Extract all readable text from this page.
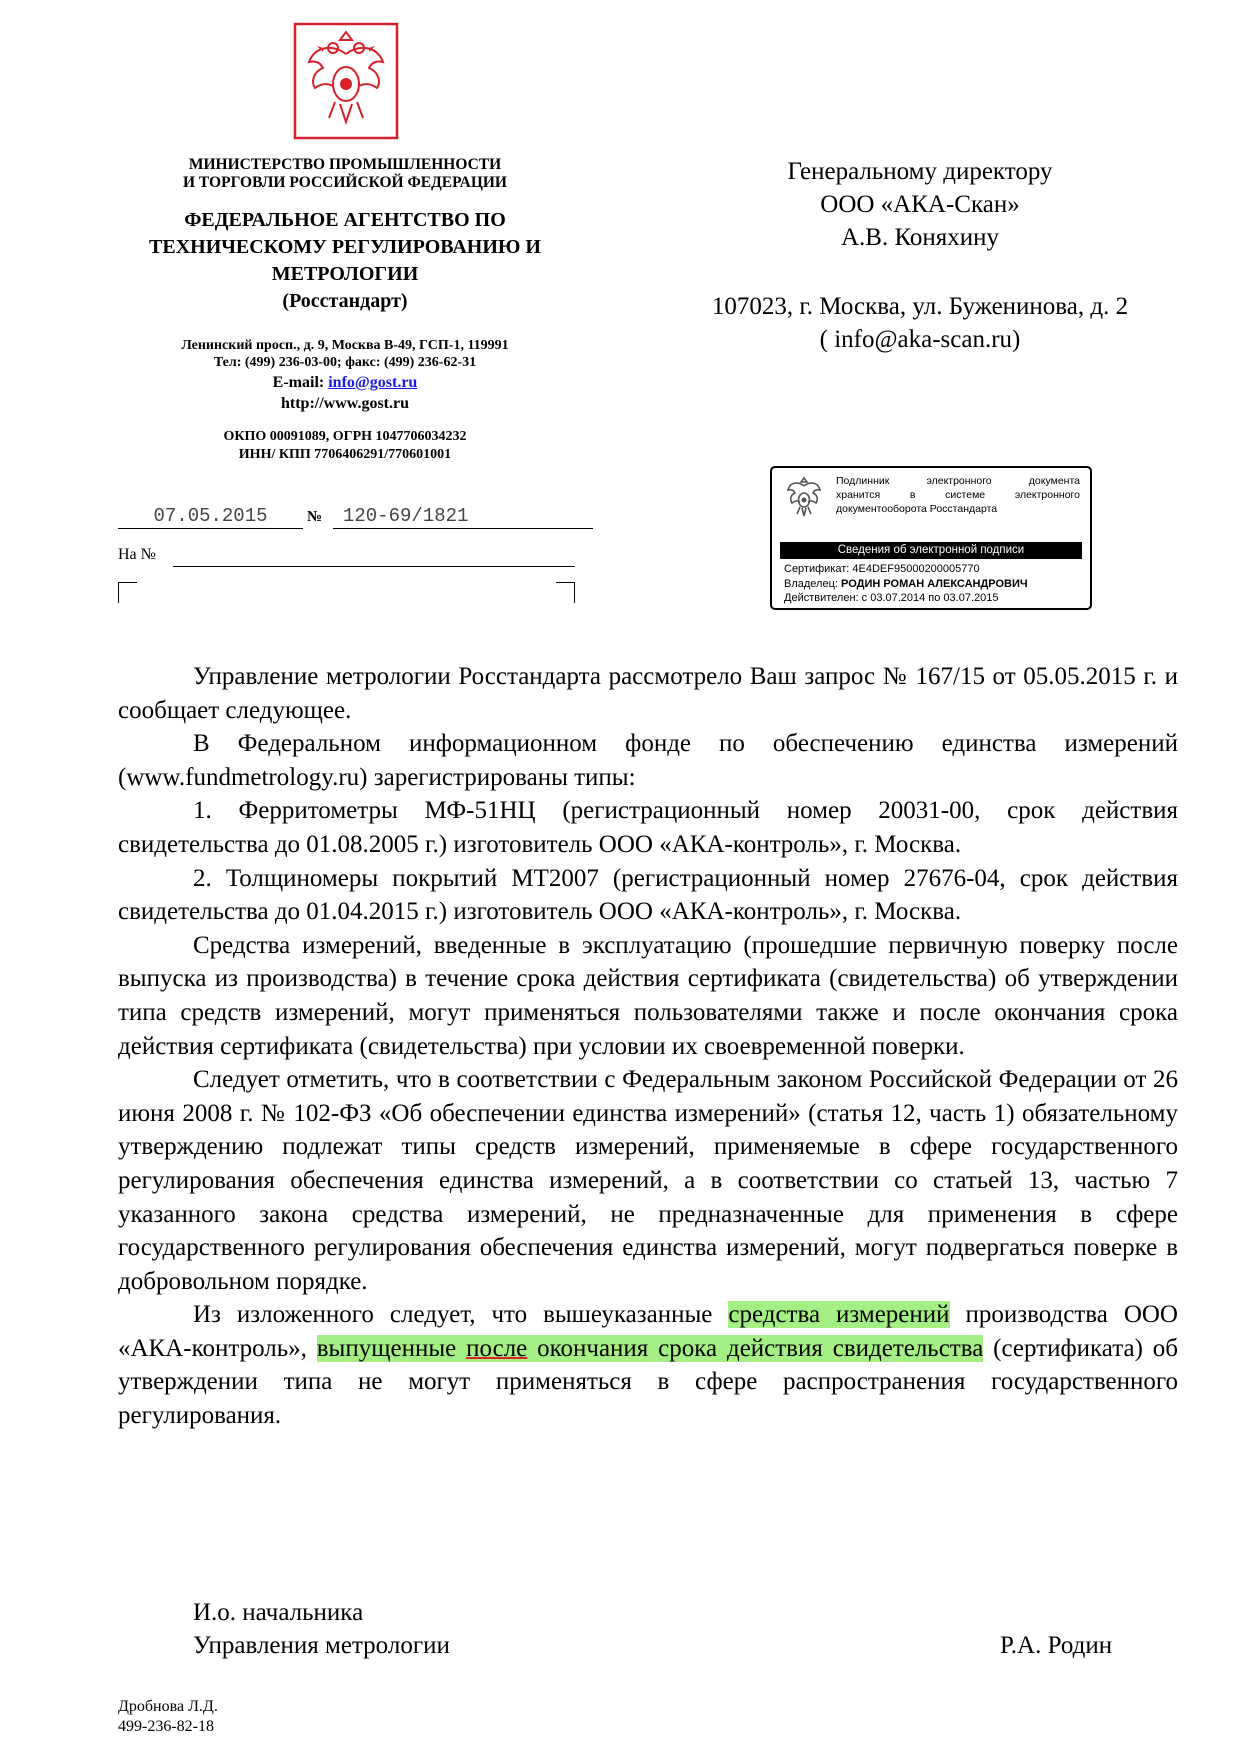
МИНИСТЕРСТВО ПРОМЫШЛЕННОСТИ
И ТОРГОВЛИ РОССИЙСКОЙ ФЕДЕРАЦИИ
ФЕДЕРАЛЬНОЕ АГЕНТСТВО ПО
ТЕХНИЧЕСКОМУ РЕГУЛИРОВАНИЮ И
МЕТРОЛОГИИ
(Росстандарт)
Ленинский просп., д. 9, Москва В-49, ГСП-1, 119991
Тел: (499) 236-03-00; факс: (499) 236-62-31
E-mail: info@gost.ru
http://www.gost.ru
ОКПО 00091089, ОГРН 1047706034232
ИНН/ КПП 7706406291/770601001
07.05.2015	№	120-69/1821
На №
Генеральному директору
ООО «АКА-Скан»
А.В. Коняхину
107023, г. Москва, ул. Буженинова, д. 2
( info@aka-scan.ru)
Подлинник электронного документа
хранится в системе электронного
документооборота Росстандарта
Сведения об электронной подписи
Сертификат: 4E4DEF95000200005770
Владелец: РОДИН РОМАН АЛЕКСАНДРОВИЧ
Действителен: с 03.07.2014 по 03.07.2015

Управление метрологии Росстандарта рассмотрело Ваш запрос № 167/15 от 05.05.2015 г. и сообщает следующее.

В Федеральном информационном фонде по обеспечению единства измерений (www.fundmetrology.ru) зарегистрированы типы:

1. Ферритометры МФ-51НЦ (регистрационный номер 20031-00, срок действия свидетельства до 01.08.2005 г.) изготовитель ООО «АКА-контроль», г. Москва.

2. Толщиномеры покрытий МТ2007 (регистрационный номер 27676-04, срок действия свидетельства до 01.04.2015 г.) изготовитель ООО «АКА-контроль», г. Москва.

Средства измерений, введенные в эксплуатацию (прошедшие первичную поверку после выпуска из производства) в течение срока действия сертификата (свидетельства) об утверждении типа средств измерений, могут применяться пользователями также и после окончания срока действия сертификата (свидетельства) при условии их своевременной поверки.

Следует отметить, что в соответствии с Федеральным законом Российской Федерации от 26 июня 2008 г. № 102-ФЗ «Об обеспечении единства измерений» (статья 12, часть 1) обязательному утверждению подлежат типы средств измерений, применяемые в сфере государственного регулирования обеспечения единства измерений, а в соответствии со статьей 13, частью 7 указанного закона средства измерений, не предназначенные для применения в сфере государственного регулирования обеспечения единства измерений, могут подвергаться поверке в добровольном порядке.

Из изложенного следует, что вышеуказанные средства измерений производства ООО «АКА-контроль», выпущенные после окончания срока действия свидетельства (сертификата) об утверждении типа не могут применяться в сфере распространения государственного регулирования.

И.о. начальника
Управления метрологии	Р.А. Родин
Дробнова Л.Д.
499-236-82-18
